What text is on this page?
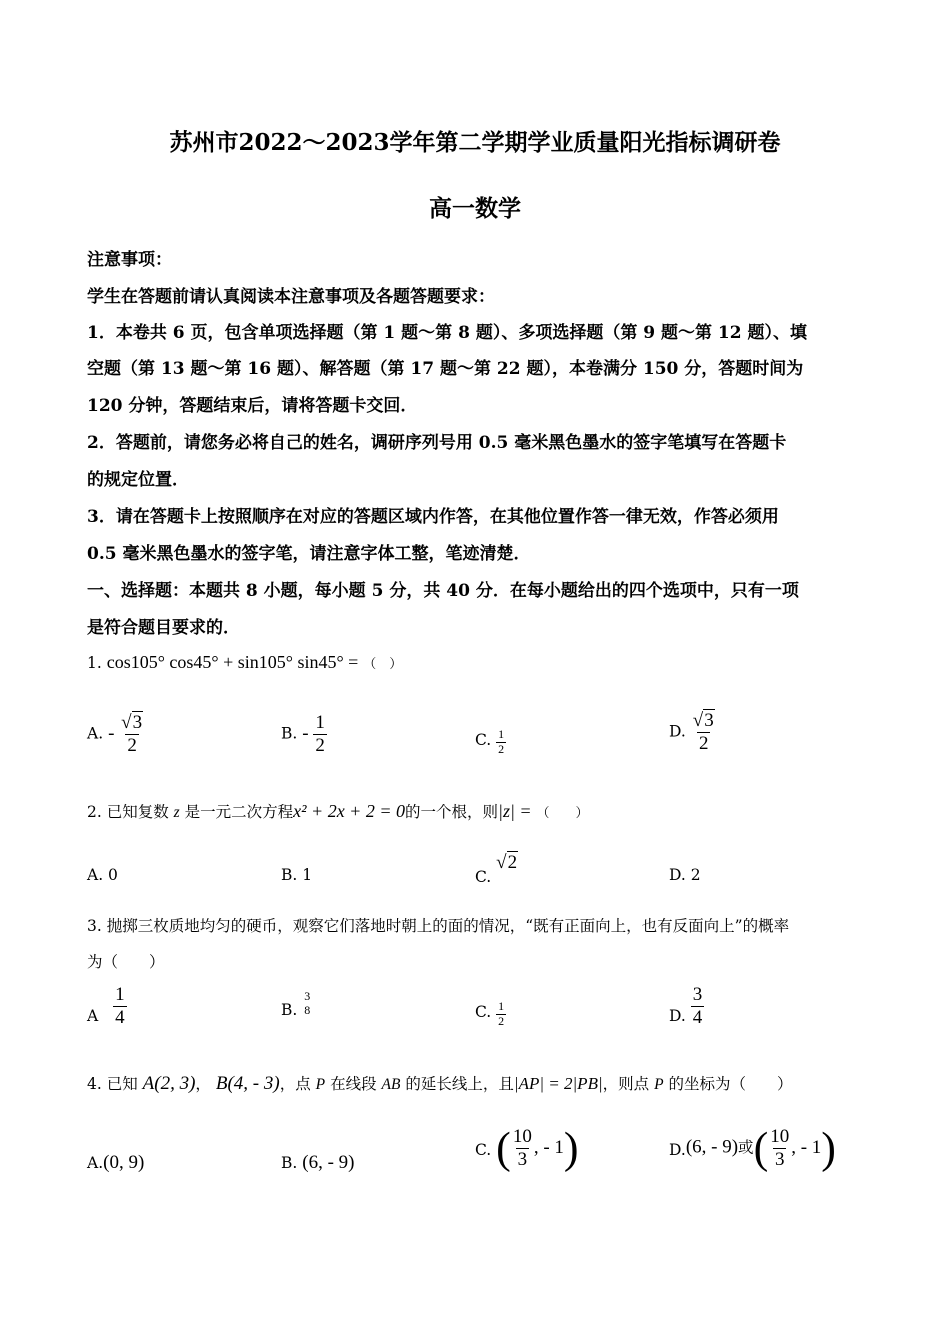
苏州市2022～2023学年第二学期学业质量阳光指标调研卷
高一数学
注意事项：
学生在答题前请认真阅读本注意事项及各题答题要求：
1．本卷共 6 页，包含单项选择题（第 1 题～第 8 题）、多项选择题（第 9 题～第 12 题）、填
空题（第 13 题～第 16 题）、解答题（第 17 题～第 22 题），本卷满分 150 分，答题时间为
120 分钟，答题结束后，请将答题卡交回．
2．答题前，请您务必将自己的姓名，调研序列号用 0.5 毫米黑色墨水的签字笔填写在答题卡
的规定位置．
3．请在答题卡上按照顺序在对应的答题区域内作答，在其他位置作答一律无效，作答必须用
0.5 毫米黑色墨水的签字笔，请注意字体工整，笔迹清楚．
一、选择题：本题共 8 小题，每小题 5 分，共 40 分．在每小题给出的四个选项中，只有一项
是符合题目要求的．
1. cos105° cos45° + sin105° sin45° = （　）
A. - $\frac{√3}{2}$	B. - $\frac{1}{2}$	C. $\frac{1}{2}$	D. $\frac{√3}{2}$
2. 已知复数 z 是一元二次方程x² + 2x + 2 = 0的一个根，则|z| = （　　）
A. 0	B. 1	C. √2
D. 2
3. 抛掷三枚质地均匀的硬币，观察它们落地时朝上的面的情况，“既有正面向上，也有反面向上”的概率
为（　　）
A $\frac{1}{4}$	B.
3
8	C. $\frac{1}{2}$	D. $\frac{3}{4}$
4. 已知 A(2, 3)， B(4, - 3)，点 P 在线段 AB 的延长线上，且|AP| = 2|PB|，则点 P 的坐标为（　　）
A.(0, 9)	B. (6, - 9)
C. ( $\frac{10}{3}$ , - 1)	D.(6, - 9)或( $\frac{10}{3}$ , - 1)
